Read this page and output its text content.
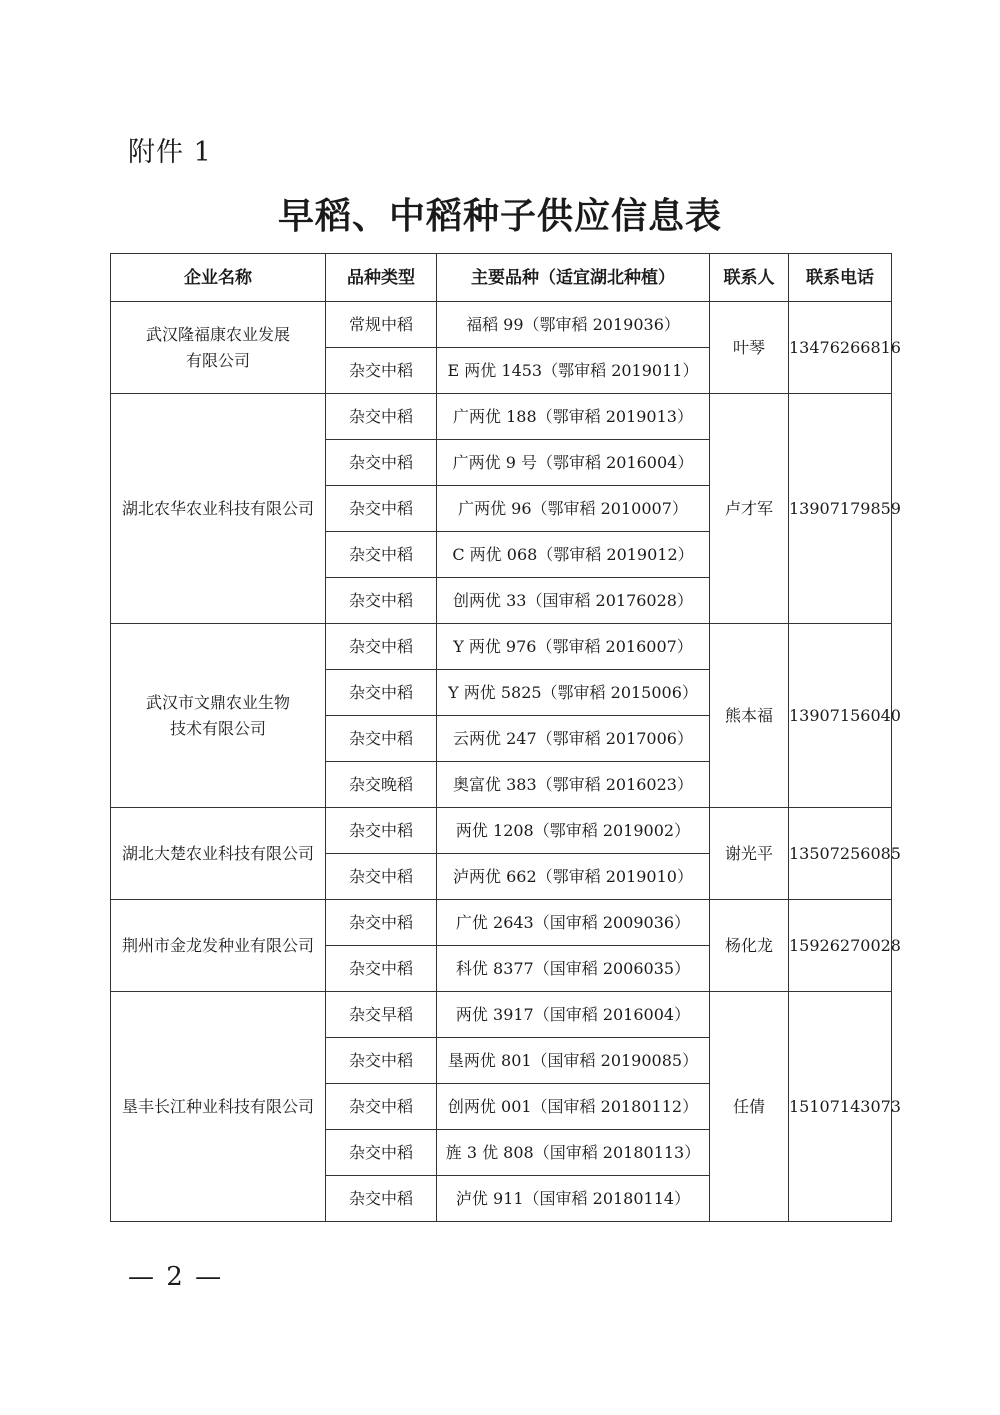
附件 1
早稻、中稻种子供应信息表
企业名称	品种类型	主要品种（适宜湖北种植）	联系人	联系电话
武汉隆福康农业发展
有限公司	常规中稻	福稻 99（鄂审稻 2019036）	叶琴	13476266816
	杂交中稻	E 两优 1453（鄂审稻 2019011）		
湖北农华农业科技有限公司	杂交中稻	广两优 188（鄂审稻 2019013）	卢才军	13907179859
	杂交中稻	广两优 9 号（鄂审稻 2016004）		
	杂交中稻	广两优 96（鄂审稻 2010007）		
	杂交中稻	C 两优 068（鄂审稻 2019012）		
	杂交中稻	创两优 33（国审稻 20176028）		
武汉市文鼎农业生物
技术有限公司	杂交中稻	Y 两优 976（鄂审稻 2016007）	熊本福	13907156040
	杂交中稻	Y 两优 5825（鄂审稻 2015006）		
	杂交中稻	云两优 247（鄂审稻 2017006）		
	杂交晚稻	奥富优 383（鄂审稻 2016023）		
湖北大楚农业科技有限公司	杂交中稻	两优 1208（鄂审稻 2019002）	谢光平	13507256085
	杂交中稻	泸两优 662（鄂审稻 2019010）		
荆州市金龙发种业有限公司	杂交中稻	广优 2643（国审稻 2009036）	杨化龙	15926270028
	杂交中稻	科优 8377（国审稻 2006035）		
垦丰长江种业科技有限公司	杂交早稻	两优 3917（国审稻 2016004）	任倩	15107143073
	杂交中稻	垦两优 801（国审稻 20190085）		
	杂交中稻	创两优 001（国审稻 20180112）		
	杂交中稻	旌 3 优 808（国审稻 20180113）		
	杂交中稻	泸优 911（国审稻 20180114）		
— 2 —
